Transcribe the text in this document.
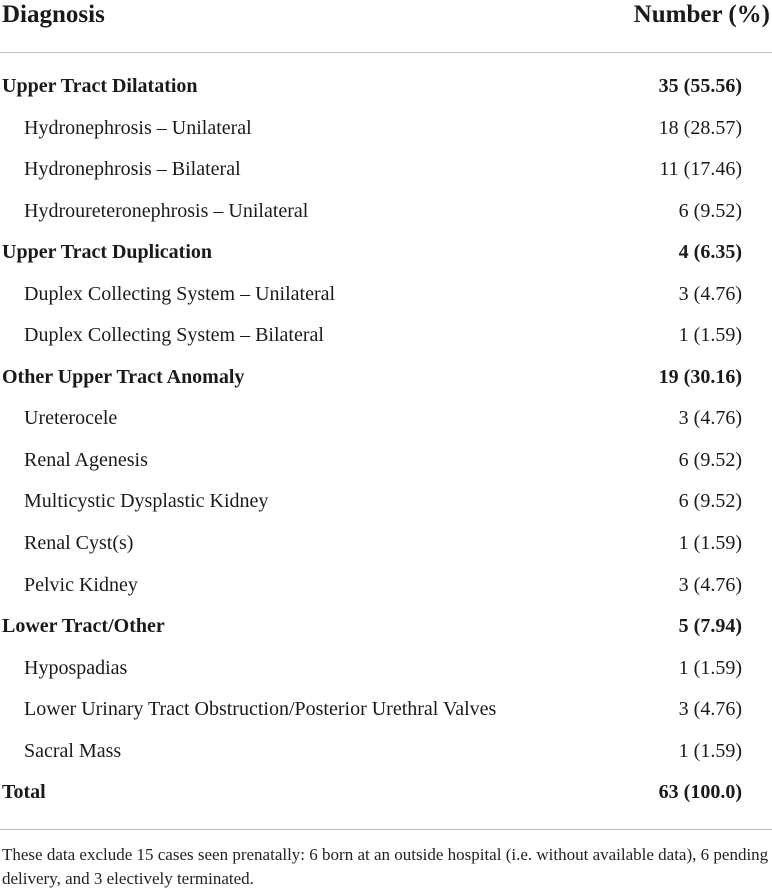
Diagnosis	Number (%)
Upper Tract Dilatation	35 (55.56)
Hydronephrosis – Unilateral	18 (28.57)
Hydronephrosis – Bilateral	11 (17.46)
Hydroureteronephrosis – Unilateral	6 (9.52)
Upper Tract Duplication	4 (6.35)
Duplex Collecting System – Unilateral	3 (4.76)
Duplex Collecting System – Bilateral	1 (1.59)
Other Upper Tract Anomaly	19 (30.16)
Ureterocele	3 (4.76)
Renal Agenesis	6 (9.52)
Multicystic Dysplastic Kidney	6 (9.52)
Renal Cyst(s)	1 (1.59)
Pelvic Kidney	3 (4.76)
Lower Tract/Other	5 (7.94)
Hypospadias	1 (1.59)
Lower Urinary Tract Obstruction/Posterior Urethral Valves	3 (4.76)
Sacral Mass	1 (1.59)
Total	63 (100.0)
These data exclude 15 cases seen prenatally: 6 born at an outside hospital (i.e. without available data), 6 pending delivery, and 3 electively terminated.
